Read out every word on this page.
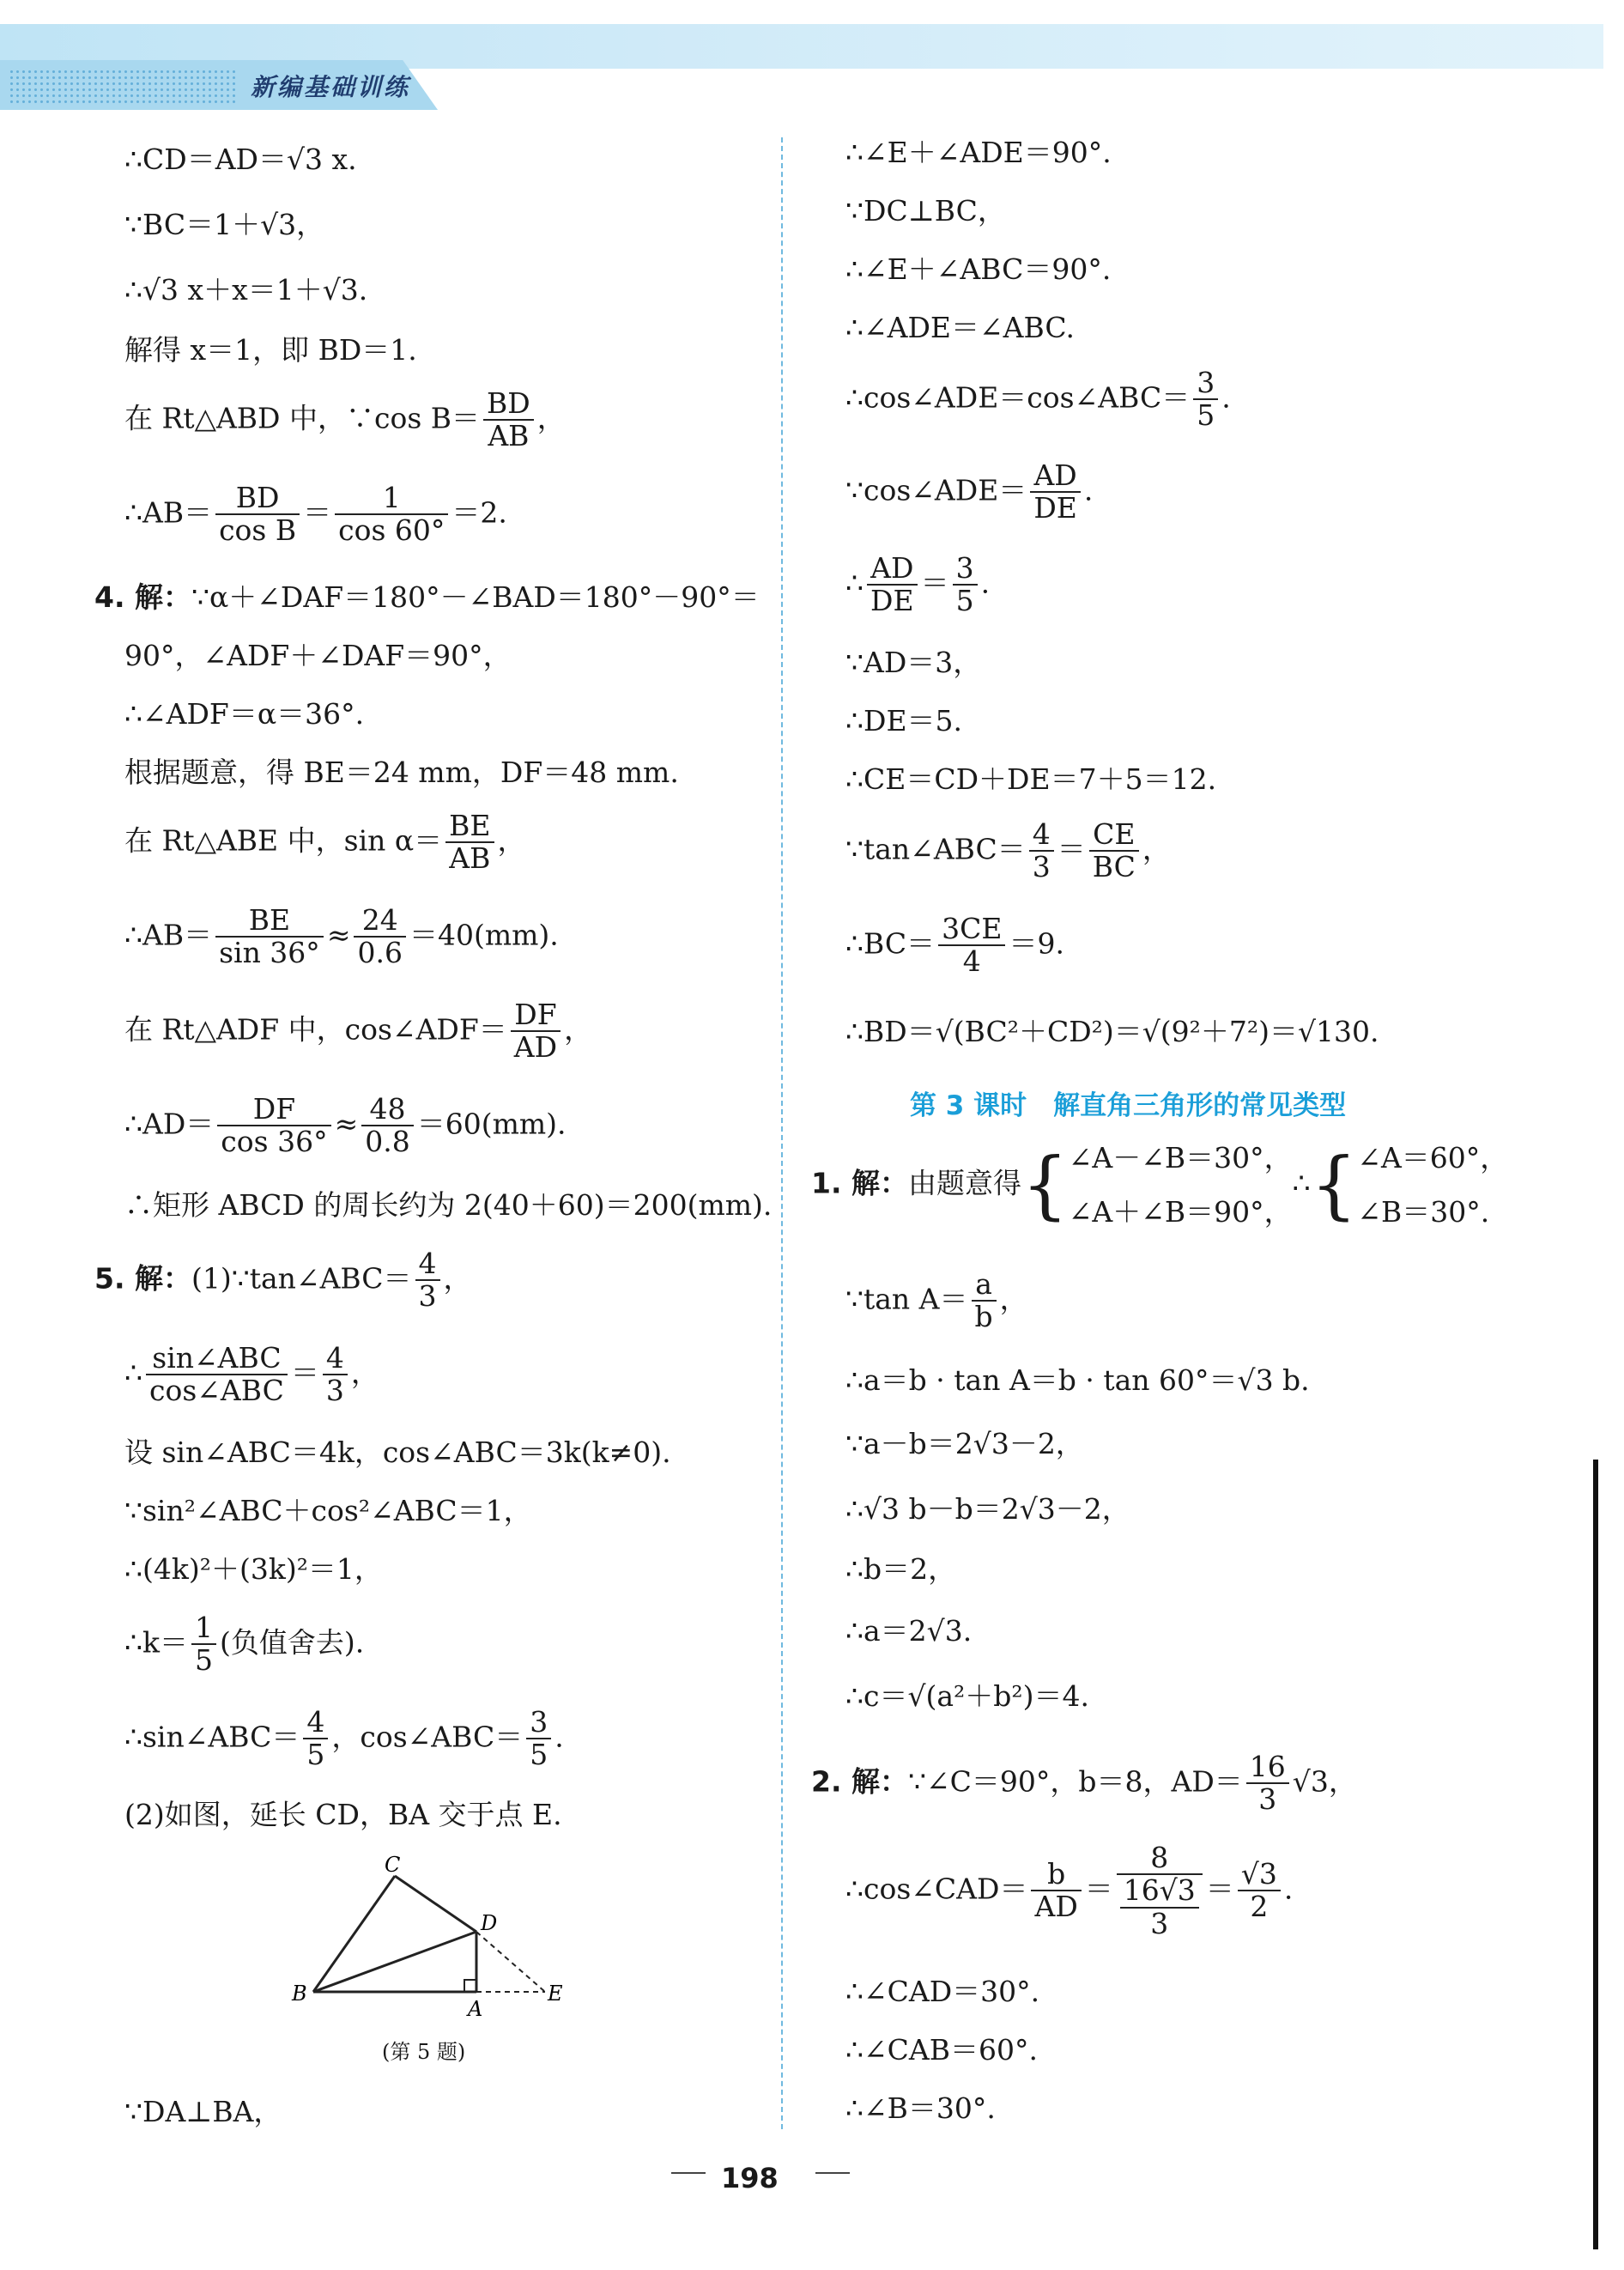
新编基础训练
∴CD＝AD＝√3 x.
∵BC＝1＋√3，
∴√3 x＋x＝1＋√3.
解得 x＝1，即 BD＝1.
在 Rt△ABD 中，∵cos $B= \frac{BD}{AB}$ ，
∴AB＝ $\frac{BD}{\text{cos B}} = \frac{1}{\cos 60^\circ} =2$.
4. 解：∵α＋∠DAF＝180°－∠BAD＝180°－90°＝
90°，∠ADF＋∠DAF＝90°，
∴∠ADF＝α＝36°.
根据题意，得 BE＝24 mm，DF＝48 mm.
在 Rt△ABE 中，$\sin \alpha= \frac{BE}{AB}$ ，
∴AB＝ $\frac{BE}{\sin 36^\circ} \approx \frac{24}{0.6} =40(mm)$.
在 Rt△ADF 中，cos∠ADF＝ $\frac{DF}{AD}$ ，
∴AD＝ $\frac{DF}{\cos 36^\circ} \approx \frac{48}{0.8} =60(mm)$.
∴矩形 ABCD 的周长约为 2(40＋60)＝200(mm).
5. 解：(1)∵tan∠ABC＝ $\frac{4}{3}$ ，
∴ $\frac{\text{sin∠ABC}}{\text{cos∠ABC}} = \frac{4}{3}$ ，
设 sin∠ABC＝4k，cos∠ABC＝3k(k≠0).
∵sin²∠ABC＋cos²∠ABC＝1，
∴(4k)²＋(3k)²＝1，
∴k＝ $\frac{1}{5}$ (负值舍去).
∴sin∠ABC＝ $\frac{4}{5}$ ，cos∠ABC＝ $\frac{3}{5}$ .
(2)如图，延长 CD，BA 交于点 E.
C
D
B
A
E
(第 5 题)
∵DA⊥BA，
∴∠E＋∠ADE＝90°.
∵DC⊥BC，
∴∠E＋∠ABC＝90°.
∴∠ADE＝∠ABC.
∴cos∠ADE＝cos∠ABC＝ $\frac{3}{5}$ .
∵cos∠ADE＝ $\frac{AD}{DE}$ .
∴ $\frac{AD}{DE} = \frac{3}{5}$ .
∵AD＝3，
∴DE＝5.
∴CE＝CD＋DE＝7＋5＝12.
∵tan∠ABC＝ $\frac{4}{3} = \frac{CE}{BC}$ ，
∴BC＝ $\frac{3CE}{4} =9$.
∴BD＝√(BC²＋CD²)＝√(9²＋7²)＝√130.
第 3 课时　解直角三角形的常见类型
1. 解：由题意得{∠A－∠B＝30°，
∠A＋∠B＝90°，∴{∠A＝60°，
∠B＝30°.
∵tan $A= \frac{a}{b}$ ，
∴a＝b · tan A＝b · tan 60°＝√3 b.
∵a－b＝2√3－2，
∴√3 b－b＝2√3－2，
∴b＝2，
∴a＝2√3.
∴c＝√(a²＋b²)＝4.
2. 解：∵∠C＝90°，b＝8，$AD= \frac{16}{3} √3$，
∴cos∠CAD＝ $\frac{b}{AD} = \frac{8}{\frac{16√3}{3}} = \frac{√3}{2}$ .
∴∠CAD＝30°.
∴∠CAB＝60°.
∴∠B＝30°.
198
